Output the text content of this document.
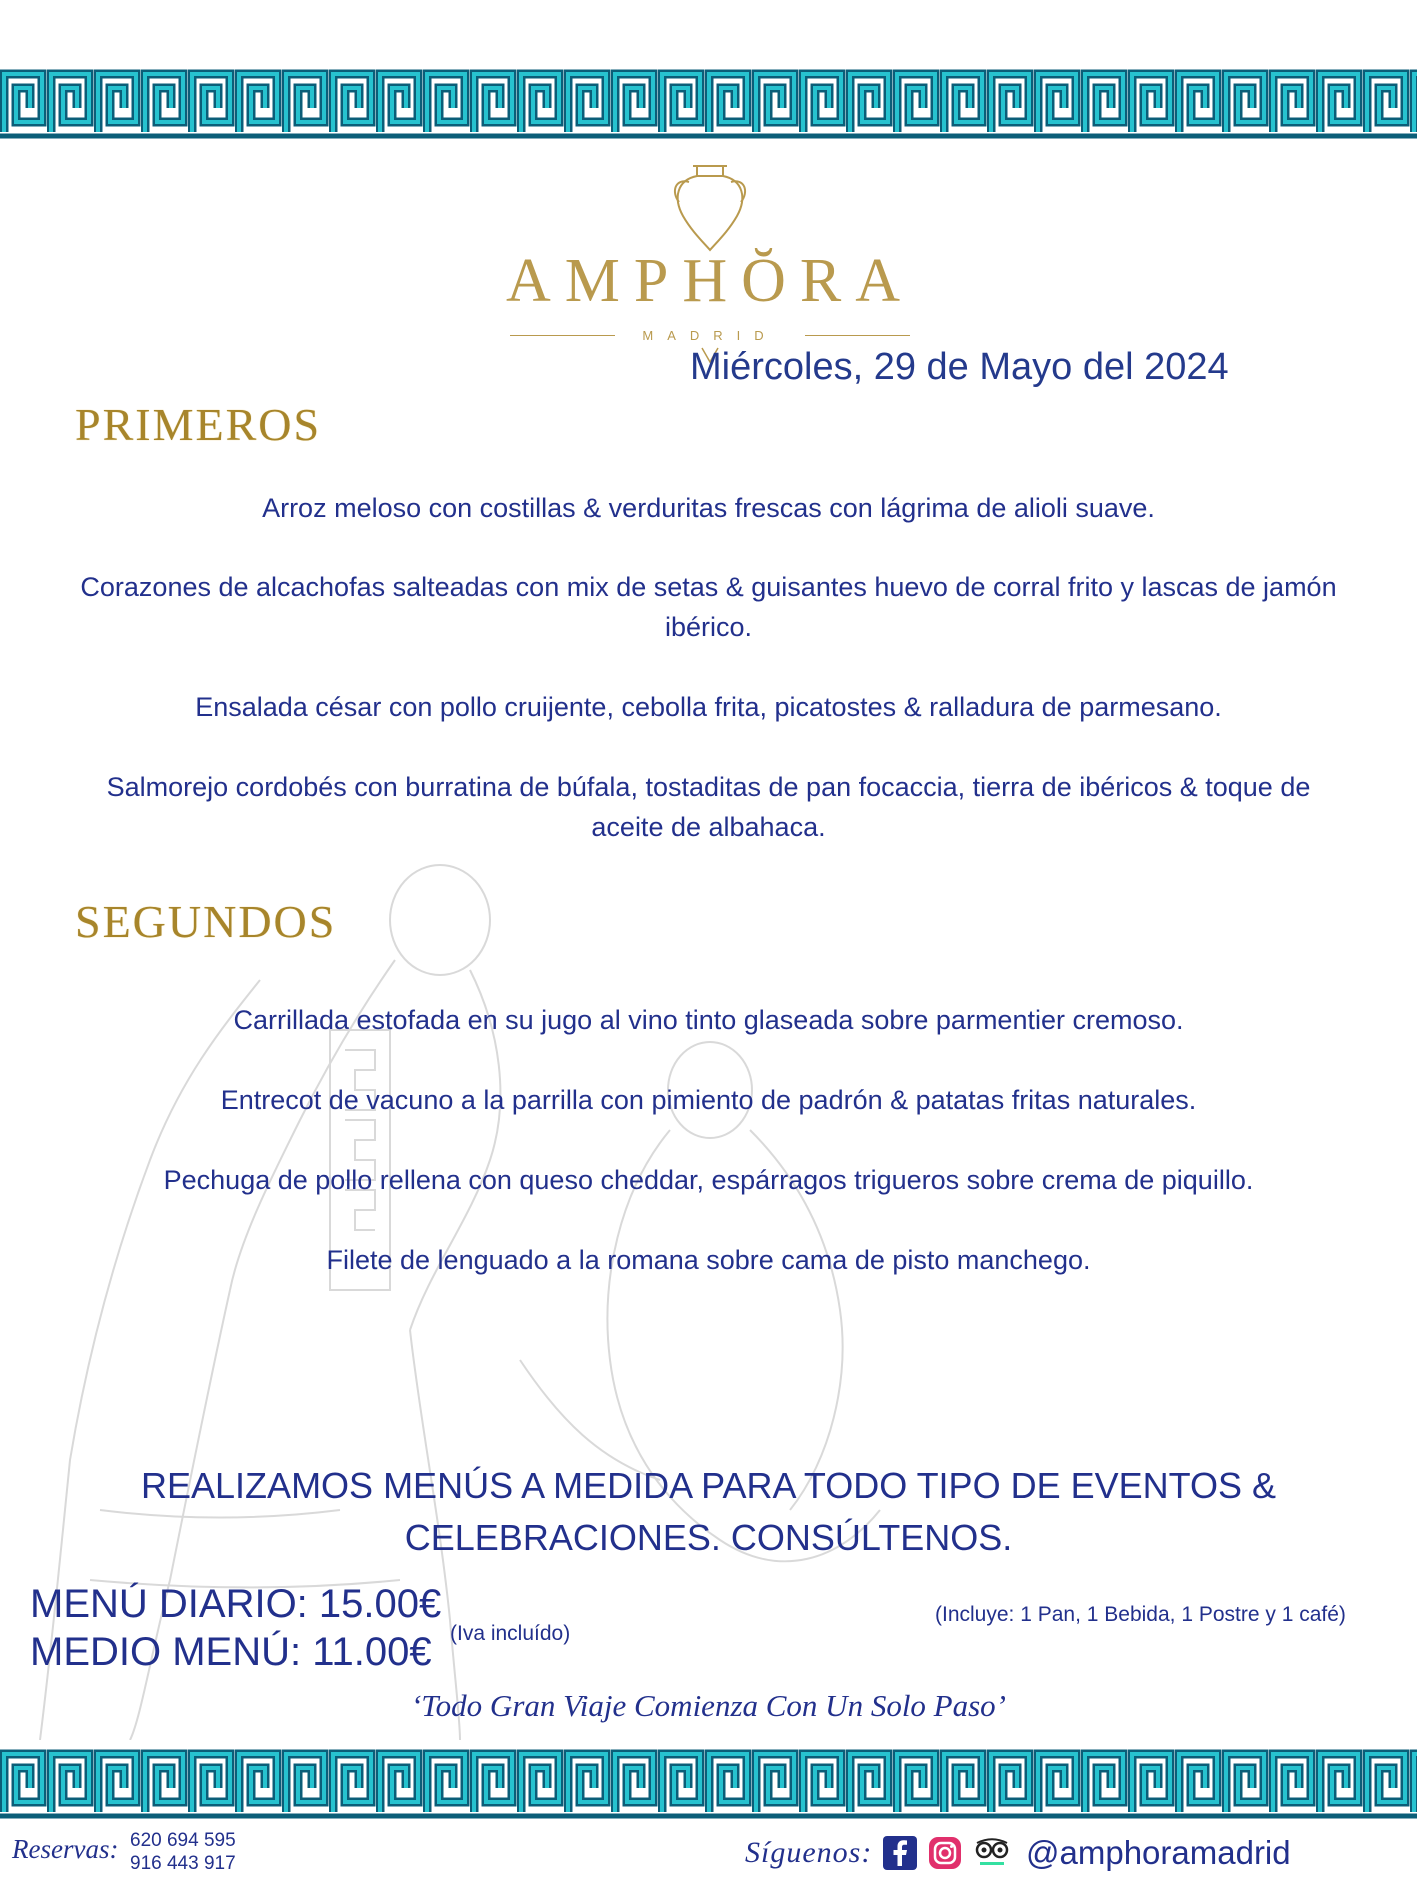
AMPHŎRA
MADRID
Miércoles, 29 de Mayo del 2024
PRIMEROS
Arroz meloso con costillas & verduritas frescas con lágrima de alioli suave.
Corazones de alcachofas salteadas con mix de setas & guisantes huevo de corral frito y lascas de jamón ibérico.
Ensalada césar con pollo cruijente, cebolla frita, picatostes & ralladura de parmesano.
Salmorejo cordobés con burratina de búfala, tostaditas de pan focaccia, tierra de ibéricos & toque de aceite de albahaca.
SEGUNDOS
Carrillada estofada en su jugo al vino tinto glaseada sobre parmentier cremoso.
Entrecot de vacuno a la parrilla con pimiento de padrón & patatas fritas naturales.
Pechuga de pollo rellena con queso cheddar, espárragos trigueros sobre crema de piquillo.
Filete de lenguado a la romana sobre cama de pisto manchego.
REALIZAMOS MENÚS A MEDIDA PARA TODO TIPO DE EVENTOS & CELEBRACIONES. CONSÚLTENOS.
MENÚ DIARIO: 15.00€
MEDIO MENÚ: 11.00€ (Iva incluído)
(Incluye: 1 Pan, 1 Bebida, 1 Postre y 1 café)
‘Todo Gran Viaje Comienza Con Un Solo Paso’
Reservas: 620 694 595
916 443 917	Síguenos:	@amphoramadrid
